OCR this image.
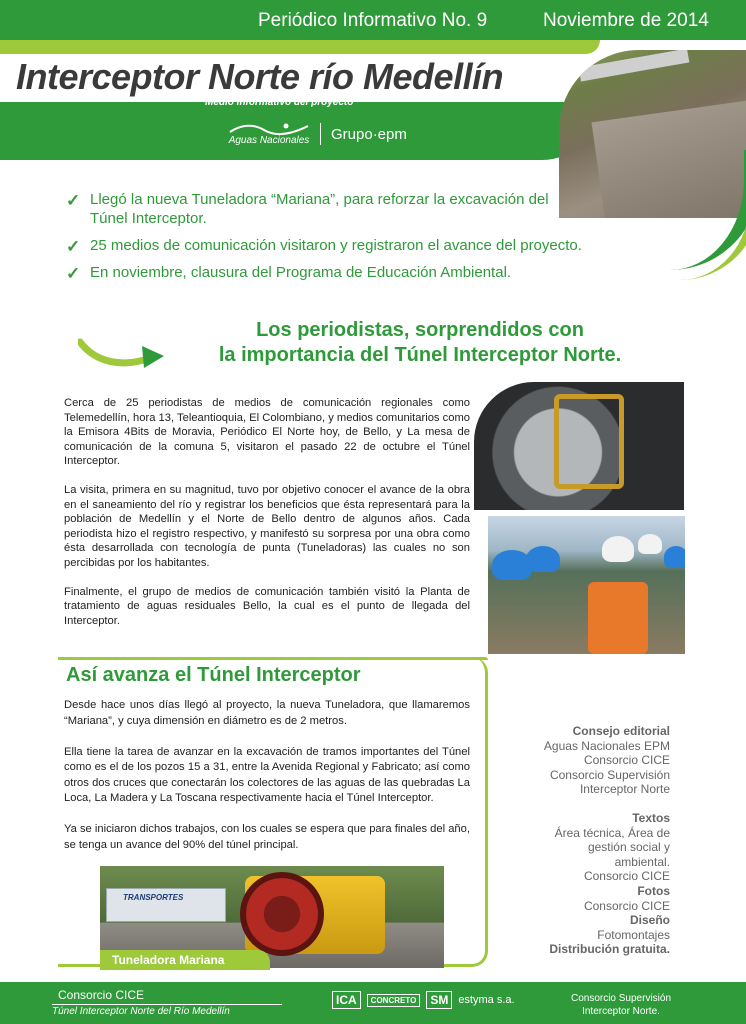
Periódico Informativo No. 9	Noviembre de 2014
Interceptor Norte río Medellín
Medio informativo del proyecto
Aguas Nacionales Grupo·epm
✓ Llegó la nueva Tuneladora “Mariana”, para reforzar la excavación del Túnel Interceptor.
✓ 25 medios de comunicación visitaron y registraron el avance del proyecto.
✓ En noviembre, clausura del Programa de Educación Ambiental.
Los periodistas, sorprendidos con
la importancia del Túnel Interceptor Norte.

Cerca de 25 periodistas de medios de comunicación regionales como Telemedellín, hora 13, Teleantioquia, El Colombiano, y medios comunitarios como la Emisora 4Bits de Moravia, Periódico El Norte hoy, de Bello, y La mesa de comunicación de la comuna 5, visitaron el pasado 22 de octubre el Túnel Interceptor.

La visita, primera en su magnitud, tuvo por objetivo conocer el avance de la obra en el saneamiento del río y registrar los beneficios que ésta representará para la población de Medellín y el Norte de Bello dentro de algunos años. Cada periodista hizo el registro respectivo, y manifestó su sorpresa por una obra como ésta desarrollada con tecnología de punta (Tuneladoras) las cuales no son percibidas por los habitantes.

Finalmente, el grupo de medios de comunicación también visitó la Planta de tratamiento de aguas residuales Bello, la cual es el punto de llegada del Interceptor.

Así avanza el Túnel Interceptor

Desde hace unos días llegó al proyecto, la nueva Tuneladora, que llamaremos “Mariana”, y cuya dimensión en diámetro es de 2 metros.

Ella tiene la tarea de avanzar en la excavación de tramos importantes del Túnel como es el de los pozos 15 a 31, entre la Avenida Regional y Fabricato; así como otros dos cruces que conectarán los colectores de las aguas de las quebradas La Loca, La Madera y La Toscana respectivamente hacia el Túnel Interceptor.

Ya se iniciaron dichos trabajos, con los cuales se espera que para finales del año, se tenga un avance del 90% del túnel principal.

TRANSPORTES
Tuneladora Mariana
Consejo editorial
Aguas Nacionales EPM
Consorcio CICE
Consorcio Supervisión
Interceptor Norte
Textos
Área técnica, Área de
gestión social y
ambiental.
Consorcio CICE
Fotos
Consorcio CICE
Diseño
Fotomontajes
Distribución gratuita.
Consorcio CICE
Túnel Interceptor Norte del Río Medellín
ICA	CONCRETO	SM estyma s.a.	Consorcio Supervisión
Interceptor Norte.
